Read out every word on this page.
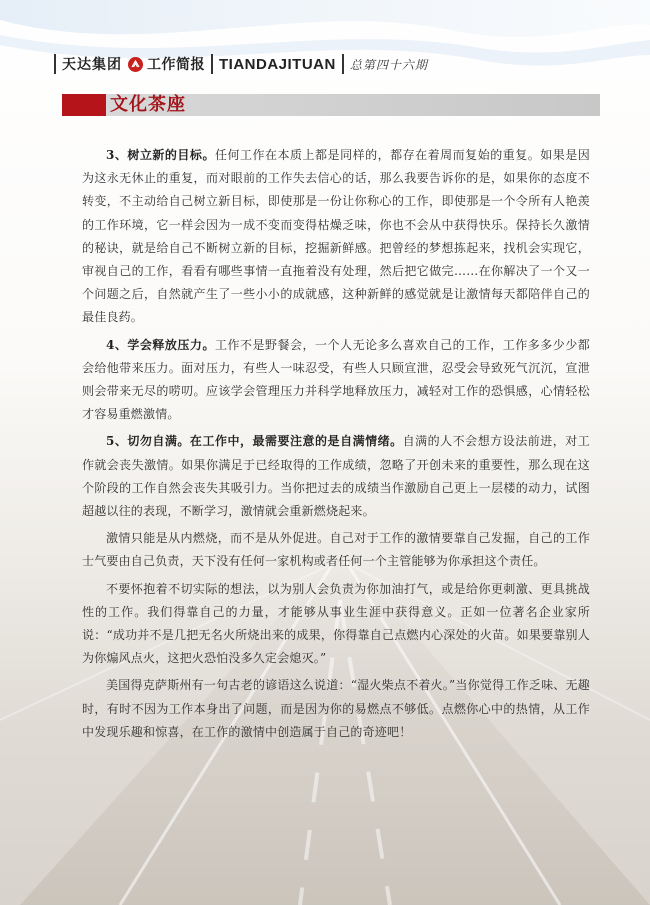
天达集团 工作简报 TIANDAJITUAN 总第四十六期
文化茶座

3、树立新的目标。任何工作在本质上都是同样的，都存在着周而复始的重复。如果是因为这永无休止的重复，而对眼前的工作失去信心的话，那么我要告诉你的是，如果你的态度不转变，不主动给自己树立新目标，即使那是一份让你称心的工作，即使那是一个令所有人艳羡的工作环境，它一样会因为一成不变而变得枯燥乏味，你也不会从中获得快乐。保持长久激情的秘诀，就是给自己不断树立新的目标，挖掘新鲜感。把曾经的梦想拣起来，找机会实现它，审视自己的工作，看看有哪些事情一直拖着没有处理，然后把它做完……在你解决了一个又一个问题之后，自然就产生了一些小小的成就感，这种新鲜的感觉就是让激情每天都陪伴自己的最佳良药。

4、学会释放压力。工作不是野餐会，一个人无论多么喜欢自己的工作，工作多多少少都会给他带来压力。面对压力，有些人一味忍受，有些人只顾宣泄，忍受会导致死气沉沉，宣泄则会带来无尽的唠叨。应该学会管理压力并科学地释放压力，减轻对工作的恐惧感，心情轻松才容易重燃激情。

5、切勿自满。在工作中，最需要注意的是自满情绪。自满的人不会想方设法前进，对工作就会丧失激情。如果你满足于已经取得的工作成绩，忽略了开创未来的重要性，那么现在这个阶段的工作自然会丧失其吸引力。当你把过去的成绩当作激励自己更上一层楼的动力，试图超越以往的表现，不断学习，激情就会重新燃烧起来。

激情只能是从内燃烧，而不是从外促进。自己对于工作的激情要靠自己发掘，自己的工作士气要由自己负责，天下没有任何一家机构或者任何一个主管能够为你承担这个责任。

不要怀抱着不切实际的想法，以为别人会负责为你加油打气，或是给你更刺激、更具挑战性的工作。我们得靠自己的力量，才能够从事业生涯中获得意义。正如一位著名企业家所说：“成功并不是几把无名火所烧出来的成果，你得靠自己点燃内心深处的火苗。如果要靠别人为你煽风点火，这把火恐怕没多久定会熄灭。”

美国得克萨斯州有一句古老的谚语这么说道：“湿火柴点不着火。”当你觉得工作乏味、无趣时，有时不因为工作本身出了问题，而是因为你的易燃点不够低。点燃你心中的热情，从工作中发现乐趣和惊喜，在工作的激情中创造属于自己的奇迹吧！
